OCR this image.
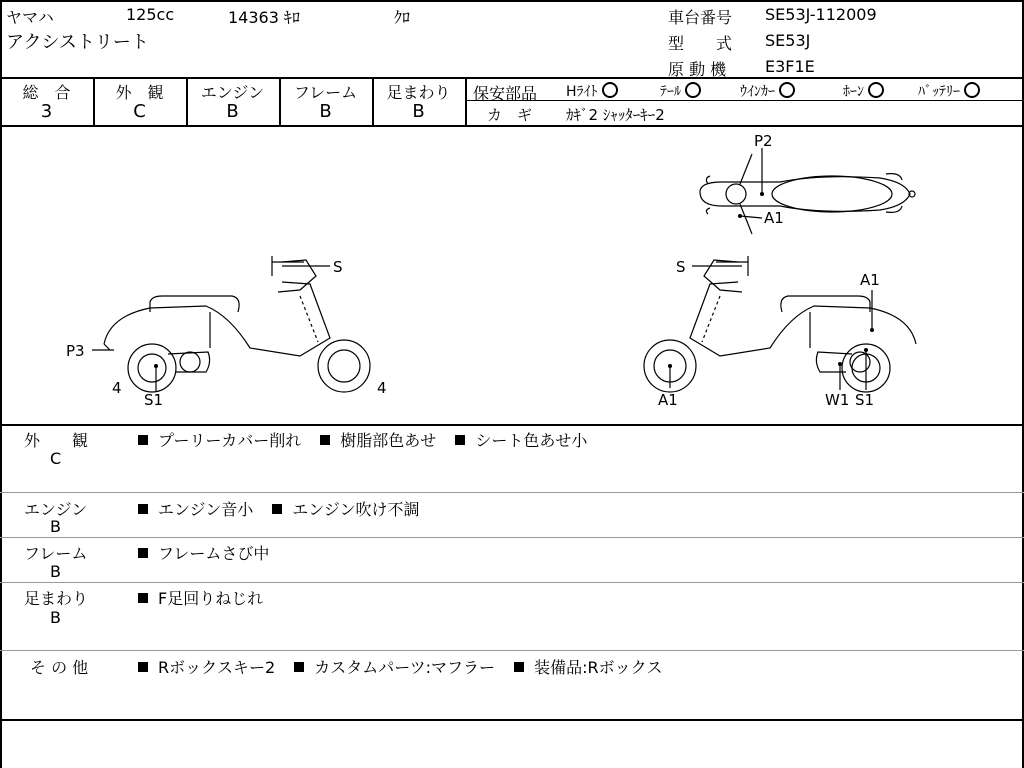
ヤマハ	125cc	14363 ｷﾛ	ｸﾛ
アクシストリート
車台番号 SE53J-112009
型　　式 SE53J
原 動 機 E3F1E
総　合	外　観	エンジン	フレーム	足まわり
3	C	B	B	B
保安部品 Hﾗｲﾄ	ﾃｰﾙ	ｳｲﾝｶｰ	ﾎｰﾝ	ﾊﾞｯﾃﾘｰ
カ　ギ ｶｷﾞ2 ｼｬｯﾀｰｷｰ2
P2
A1
S
P3
4
S1
4
S
A1
A1	W1 S1
外　　観
C
プーリーカバー削れ 樹脂部色あせ シート色あせ小
エンジン
B
エンジン音小 エンジン吹け不調
フレーム
B
フレームさび中
足まわり
B
F足回りねじれ
そ の 他	Rボックスキー2 カスタムパーツ:マフラー 装備品:Rボックス
